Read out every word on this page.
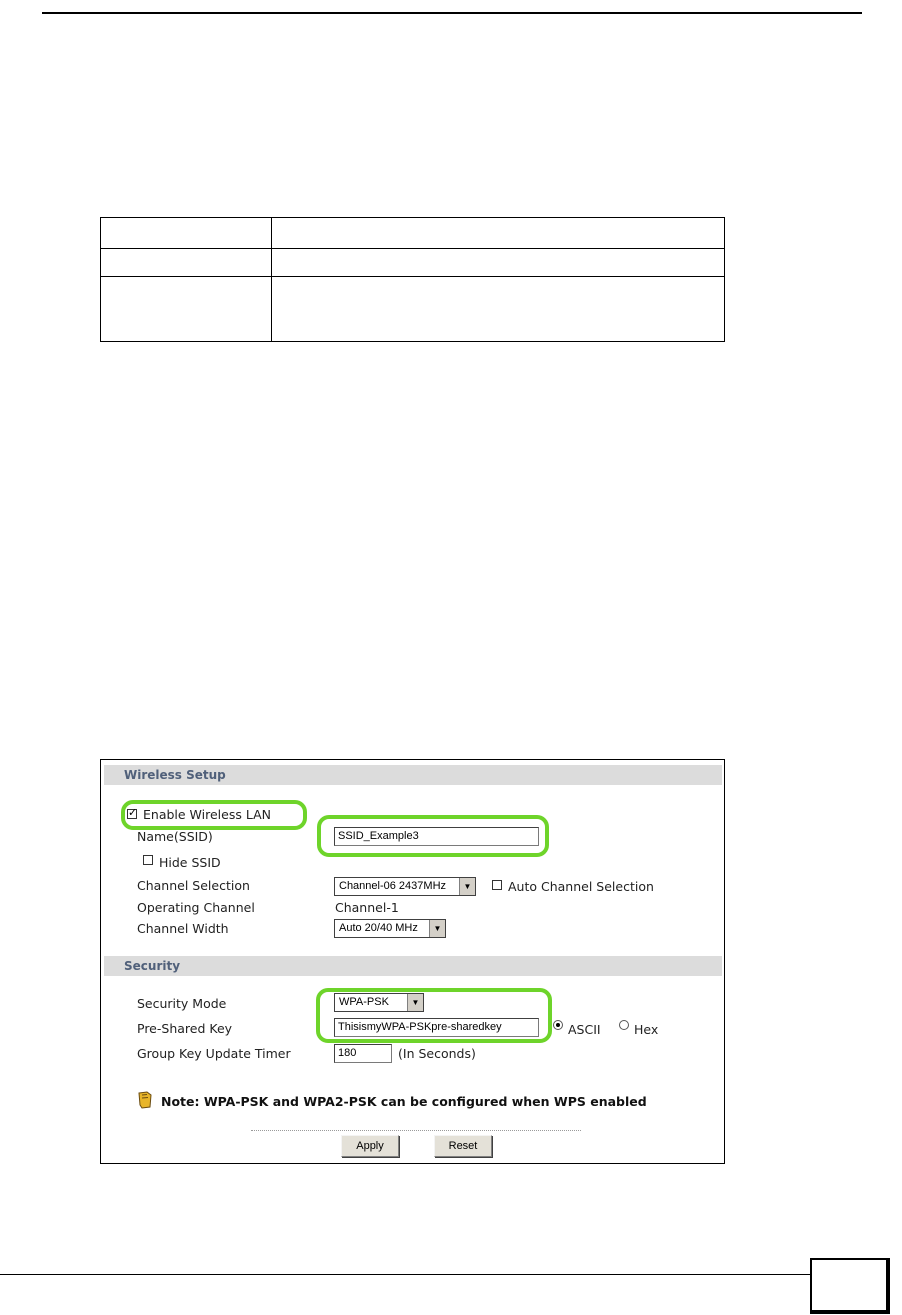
Wireless Setup
✓ Enable Wireless LAN
Name(SSID)	SSID_Example3
Hide SSID
Channel Selection	Channel-06 2437MHz	▼	Auto Channel Selection
Operating Channel	Channel-1
Channel Width	Auto 20/40 MHz	▼
Security
Security Mode	WPA-PSK	▼
Pre-Shared Key	ThisismyWPA-PSKpre-sharedkey	ASCII	Hex
Group Key Update Timer	180	(In Seconds)
Note: WPA-PSK and WPA2-PSK can be configured when WPS enabled
Apply	Reset
